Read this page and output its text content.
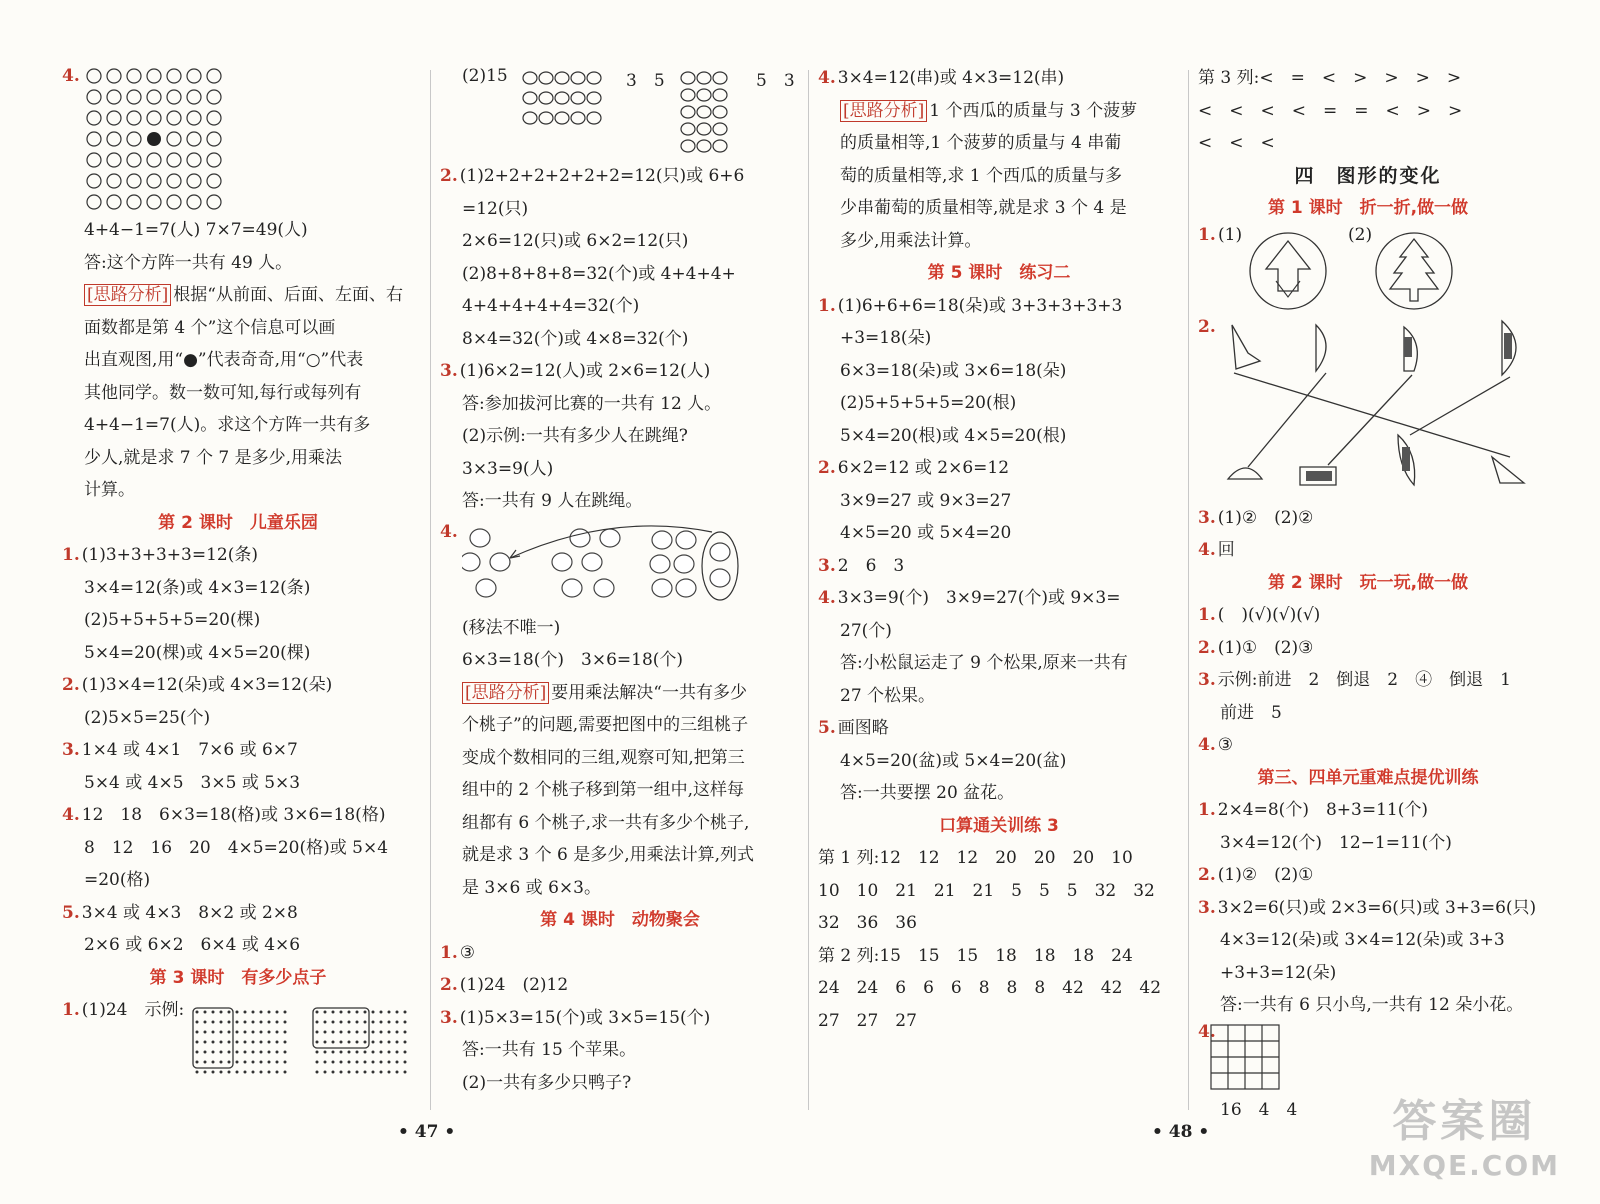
4.
4+4−1=7(人) 7×7=49(人)
答:这个方阵一共有 49 人。
[思路分析] 根据“从前面、后面、左面、右
面数都是第 4 个”这个信息可以画
出直观图,用“●”代表奇奇,用“○”代表
其他同学。数一数可知,每行或每列有
4+4−1=7(人)。求这个方阵一共有多
少人,就是求 7 个 7 是多少,用乘法
计算。
第 2 课时　儿童乐园
1. (1)3+3+3+3=12(条)
3×4=12(条)或 4×3=12(条)
(2)5+5+5+5=20(棵)
5×4=20(棵)或 4×5=20(棵)
2. (1)3×4=12(朵)或 4×3=12(朵)
(2)5×5=25(个)
3. 1×4 或 4×1　7×6 或 6×7
5×4 或 4×5　3×5 或 5×3
4. 12　18　6×3=18(格)或 3×6=18(格)
8　12　16　20　4×5=20(格)或 5×4
=20(格)
5. 3×4 或 4×3　8×2 或 2×8
2×6 或 6×2　6×4 或 4×6
第 3 课时　有多少点子
1. (1)24　示例:
(2)15	3　5	5　3
2. (1)2+2+2+2+2+2=12(只)或 6+6
=12(只)
2×6=12(只)或 6×2=12(只)
(2)8+8+8+8=32(个)或 4+4+4+
4+4+4+4+4=32(个)
8×4=32(个)或 4×8=32(个)
3. (1)6×2=12(人)或 2×6=12(人)
答:参加拔河比赛的一共有 12 人。
(2)示例:一共有多少人在跳绳?
3×3=9(人)
答:一共有 9 人在跳绳。
4.
(移法不唯一)
6×3=18(个)　3×6=18(个)
[思路分析] 要用乘法解决“一共有多少
个桃子”的问题,需要把图中的三组桃子
变成个数相同的三组,观察可知,把第三
组中的 2 个桃子移到第一组中,这样每
组都有 6 个桃子,求一共有多少个桃子,
就是求 3 个 6 是多少,用乘法计算,列式
是 3×6 或 6×3。
第 4 课时　动物聚会
1. ③
2. (1)24　(2)12
3. (1)5×3=15(个)或 3×5=15(个)
答:一共有 15 个苹果。
(2)一共有多少只鸭子?
4. 3×4=12(串)或 4×3=12(串)
[思路分析] 1 个西瓜的质量与 3 个菠萝
的质量相等,1 个菠萝的质量与 4 串葡
萄的质量相等,求 1 个西瓜的质量与多
少串葡萄的质量相等,就是求 3 个 4 是
多少,用乘法计算。
第 5 课时　练习二
1. (1)6+6+6=18(朵)或 3+3+3+3+3
+3=18(朵)
6×3=18(朵)或 3×6=18(朵)
(2)5+5+5+5=20(根)
5×4=20(根)或 4×5=20(根)
2. 6×2=12 或 2×6=12
3×9=27 或 9×3=27
4×5=20 或 5×4=20
3. 2　6　3
4. 3×3=9(个)　3×9=27(个)或 9×3=
27(个)
答:小松鼠运走了 9 个松果,原来一共有
27 个松果。
5. 画图略
4×5=20(盆)或 5×4=20(盆)
答:一共要摆 20 盆花。
口算通关训练 3
第 1 列:12　12　12　20　20　20　10
10　10　21　21　21　5　5　5　32　32
32　36　36
第 2 列:15　15　15　18　18　18　24
24　24　6　6　6　8　8　8　42　42　42
27　27　27
第 3 列:<　=　<　>　>　>　>
<　<　<　<　=　=　<　>　>
<　<　<
四　图形的变化
第 1 课时　折一折,做一做
1. (1)	(2)
2.
3. (1)②　(2)②
4. 回
第 2 课时　玩一玩,做一做
1. (　)(√)(√)(√)
2. (1)①　(2)③
3. 示例:前进　2　倒退　2　④　倒退　1
前进　5
4. ③
第三、四单元重难点提优训练
1. 2×4=8(个)　8+3=11(个)
3×4=12(个)　12−1=11(个)
2. (1)②　(2)①
3. 3×2=6(只)或 2×3=6(只)或 3+3=6(只)
4×3=12(朵)或 3×4=12(朵)或 3+3
+3+3=12(朵)
答:一共有 6 只小鸟,一共有 12 朵小花。
4.
16　4　4
• 47 •	• 48 •	答案圈
MXQE.COM
